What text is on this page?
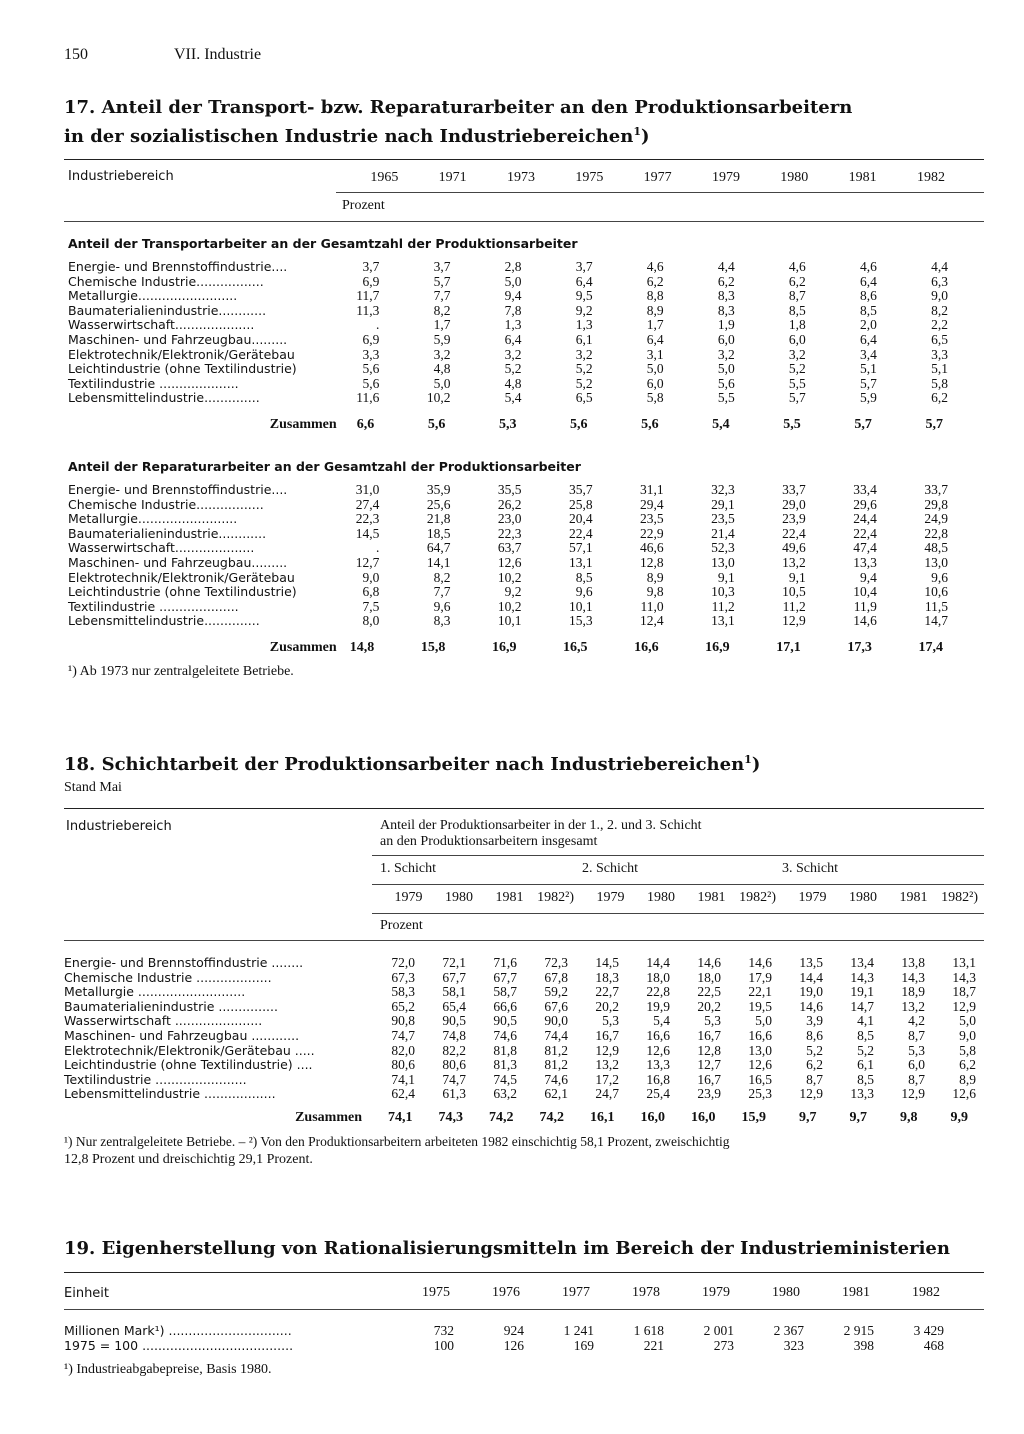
150	VII. Industrie
17. Anteil der Transport- bzw. Reparaturarbeiter an den Produktionsarbeitern
in der sozialistischen Industrie nach Industriebereichen$^1$)
Industriebereich	1965	1971	1973	1975	1977	1979	1980	1981	1982
Prozent
Anteil der Transportarbeiter an der Gesamtzahl der Produktionsarbeiter
Energie- und Brennstoffindustrie....	3,7	3,7	2,8	3,7	4,6	4,4	4,6	4,6	4,4
Chemische Industrie.................	6,9	5,7	5,0	6,4	6,2	6,2	6,2	6,4	6,3
Metallurgie.........................	11,7	7,7	9,4	9,5	8,8	8,3	8,7	8,6	9,0
Baumaterialienindustrie............	11,3	8,2	7,8	9,2	8,9	8,3	8,5	8,5	8,2
Wasserwirtschaft....................	.	1,7	1,3	1,3	1,7	1,9	1,8	2,0	2,2
Maschinen- und Fahrzeugbau.........	6,9	5,9	6,4	6,1	6,4	6,0	6,0	6,4	6,5
Elektrotechnik/Elektronik/Gerätebau	3,3	3,2	3,2	3,2	3,1	3,2	3,2	3,4	3,3
Leichtindustrie (ohne Textilindustrie)	5,6	4,8	5,2	5,2	5,0	5,0	5,2	5,1	5,1
Textilindustrie ....................	5,6	5,0	4,8	5,2	6,0	5,6	5,5	5,7	5,8
Lebensmittelindustrie..............	11,6	10,2	5,4	6,5	5,8	5,5	5,7	5,9	6,2
Zusammen	6,6	5,6	5,3	5,6	5,6	5,4	5,5	5,7	5,7
Anteil der Reparaturarbeiter an der Gesamtzahl der Produktionsarbeiter
Energie- und Brennstoffindustrie....	31,0	35,9	35,5	35,7	31,1	32,3	33,7	33,4	33,7
Chemische Industrie.................	27,4	25,6	26,2	25,8	29,4	29,1	29,0	29,6	29,8
Metallurgie.........................	22,3	21,8	23,0	20,4	23,5	23,5	23,9	24,4	24,9
Baumaterialienindustrie............	14,5	18,5	22,3	22,4	22,9	21,4	22,4	22,4	22,8
Wasserwirtschaft....................	.	64,7	63,7	57,1	46,6	52,3	49,6	47,4	48,5
Maschinen- und Fahrzeugbau.........	12,7	14,1	12,6	13,1	12,8	13,0	13,2	13,3	13,0
Elektrotechnik/Elektronik/Gerätebau	9,0	8,2	10,2	8,5	8,9	9,1	9,1	9,4	9,6
Leichtindustrie (ohne Textilindustrie)	6,8	7,7	9,2	9,6	9,8	10,3	10,5	10,4	10,6
Textilindustrie ....................	7,5	9,6	10,2	10,1	11,0	11,2	11,2	11,9	11,5
Lebensmittelindustrie..............	8,0	8,3	10,1	15,3	12,4	13,1	12,9	14,6	14,7
Zusammen	14,8	15,8	16,9	16,5	16,6	16,9	17,1	17,3	17,4
¹) Ab 1973 nur zentralgeleitete Betriebe.
18. Schichtarbeit der Produktionsarbeiter nach Industriebereichen$^1$)
Stand Mai
Industriebereich	Anteil der Produktionsarbeiter in der 1., 2. und 3. Schicht
an den Produktionsarbeitern insgesamt
1. Schicht	2. Schicht	3. Schicht
1979	1980	1981	1982²)	1979	1980	1981	1982²)	1979	1980	1981	1982²)
Prozent
Energie- und Brennstoffindustrie ........	72,0	72,1	71,6	72,3	14,5	14,4	14,6	14,6	13,5	13,4	13,8	13,1
Chemische Industrie ...................	67,3	67,7	67,7	67,8	18,3	18,0	18,0	17,9	14,4	14,3	14,3	14,3
Metallurgie ...........................	58,3	58,1	58,7	59,2	22,7	22,8	22,5	22,1	19,0	19,1	18,9	18,7
Baumaterialienindustrie ...............	65,2	65,4	66,6	67,6	20,2	19,9	20,2	19,5	14,6	14,7	13,2	12,9
Wasserwirtschaft ......................	90,8	90,5	90,5	90,0	5,3	5,4	5,3	5,0	3,9	4,1	4,2	5,0
Maschinen- und Fahrzeugbau ............	74,7	74,8	74,6	74,4	16,7	16,6	16,7	16,6	8,6	8,5	8,7	9,0
Elektrotechnik/Elektronik/Gerätebau .....	82,0	82,2	81,8	81,2	12,9	12,6	12,8	13,0	5,2	5,2	5,3	5,8
Leichtindustrie (ohne Textilindustrie) ....	80,6	80,6	81,3	81,2	13,2	13,3	12,7	12,6	6,2	6,1	6,0	6,2
Textilindustrie .......................	74,1	74,7	74,5	74,6	17,2	16,8	16,7	16,5	8,7	8,5	8,7	8,9
Lebensmittelindustrie ..................	62,4	61,3	63,2	62,1	24,7	25,4	23,9	25,3	12,9	13,3	12,9	12,6
Zusammen	74,1	74,3	74,2	74,2	16,1	16,0	16,0	15,9	9,7	9,7	9,8	9,9
¹) Nur zentralgeleitete Betriebe. – ²) Von den Produktionsarbeitern arbeiteten 1982 einschichtig 58,1 Prozent, zweischichtig
12,8 Prozent und dreischichtig 29,1 Prozent.
19. Eigenherstellung von Rationalisierungsmitteln im Bereich der Industrieministerien
Einheit	1975	1976	1977	1978	1979	1980	1981	1982
Millionen Mark¹) ...............................	732	924	1 241	1 618	2 001	2 367	2 915	3 429
1975 = 100 ......................................	100	126	169	221	273	323	398	468
¹) Industrieabgabepreise, Basis 1980.
